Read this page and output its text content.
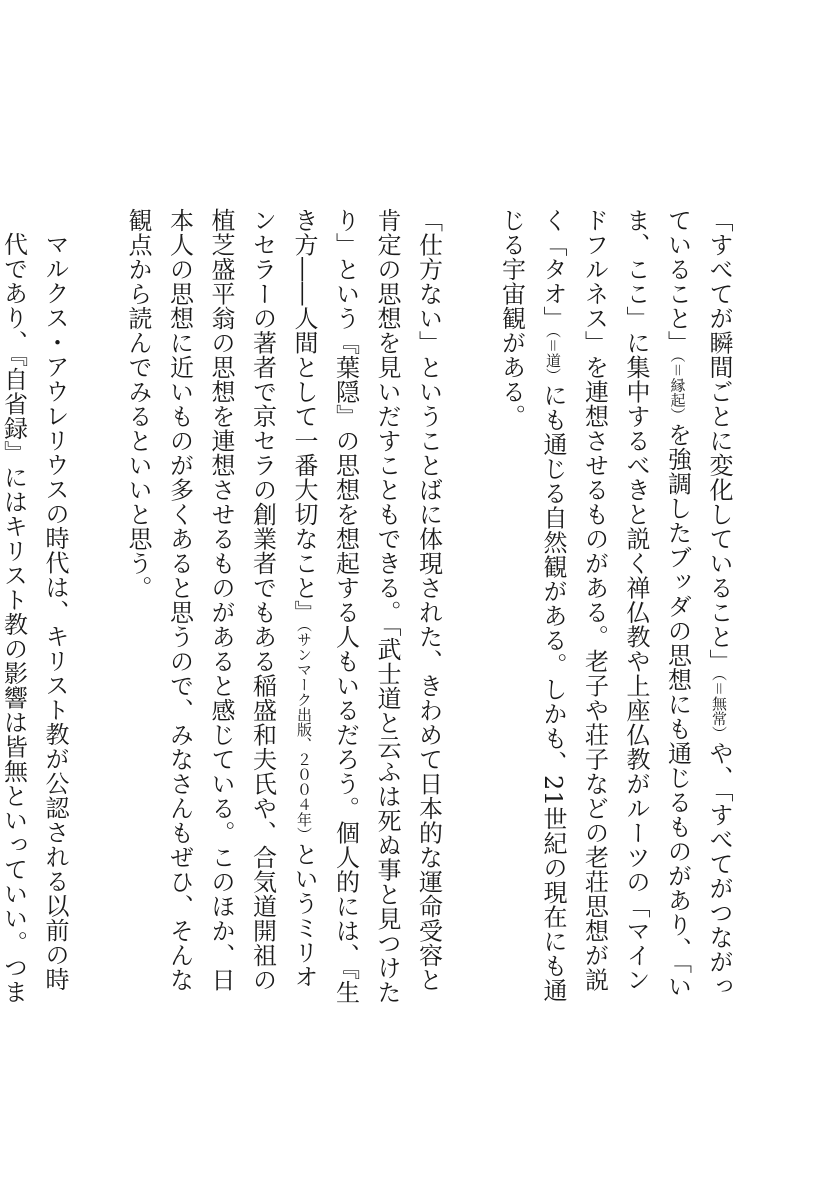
「すべてが瞬間ごとに変化していること」（＝無常）や、「すべてがつながっていること」（＝縁起）を強調したブッダの思想にも通じるものがあり、「いま、ここ」に集中するべきと説く禅仏教や上座仏教がルーツの「マインドフルネス」を連想させるものがある。老子や荘子などの老荘思想が説く「タオ」（＝道）にも通じる自然観がある。しかも、21世紀の現在にも通じる宇宙観がある。

「仕方ない」ということばに体現された、きわめて日本的な運命受容と肯定の思想を見いだすこともできる。「武士道と云ふは死ぬ事と見つけたり」という『葉隠』の思想を想起する人もいるだろう。個人的には、『生き方――人間として一番大切なこと』（サンマーク出版、２００４年）というミリオンセラーの著者で京セラの創業者でもある稲盛和夫氏や、合気道開祖の植芝盛平翁の思想を連想させるものがあると感じている。このほか、日本人の思想に近いものが多くあると思うので、みなさんもぜひ、そんな観点から読んでみるといいと思う。

マルクス・アウレリウスの時代は、キリスト教が公認される以前の時代であり、『自省録』にはキリスト教の影響は皆無といっていい。つま
